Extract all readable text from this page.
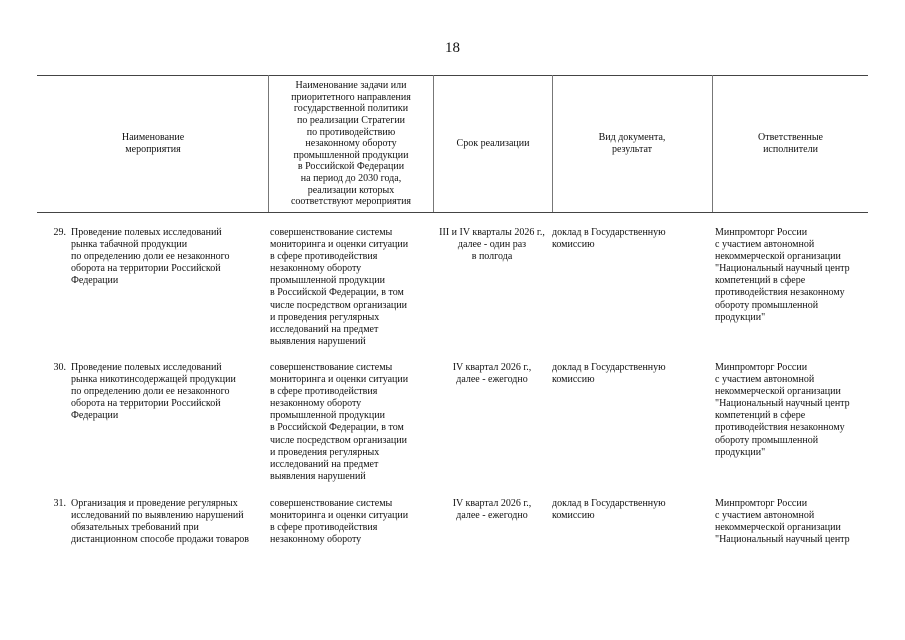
18
Наименование
мероприятия
Наименование задачи или
приоритетного направления
государственной политики
по реализации Стратегии
по противодействию
незаконному обороту
промышленной продукции
в Российской Федерации
на период до 2030 года,
реализации которых
соответствуют мероприятия
Срок реализации
Вид документа,
результат
Ответственные
исполнители
29. Проведение полевых исследований
рынка табачной продукции
по определению доли ее незаконного
оборота на территории Российской
Федерации
совершенствование системы
мониторинга и оценки ситуации
в сфере противодействия
незаконному обороту
промышленной продукции
в Российской Федерации, в том
числе посредством организации
и проведения регулярных
исследований на предмет
выявления нарушений
III и IV кварталы 2026 г.,
далее - один раз
в полгода
доклад в Государственную
комиссию
Минпромторг России
с участием автономной
некоммерческой организации
"Национальный научный центр
компетенций в сфере
противодействия незаконному
обороту промышленной
продукции"
30. Проведение полевых исследований
рынка никотинсодержащей продукции
по определению доли ее незаконного
оборота на территории Российской
Федерации
совершенствование системы
мониторинга и оценки ситуации
в сфере противодействия
незаконному обороту
промышленной продукции
в Российской Федерации, в том
числе посредством организации
и проведения регулярных
исследований на предмет
выявления нарушений
IV квартал 2026 г.,
далее - ежегодно
доклад в Государственную
комиссию
Минпромторг России
с участием автономной
некоммерческой организации
"Национальный научный центр
компетенций в сфере
противодействия незаконному
обороту промышленной
продукции"
31. Организация и проведение регулярных
исследований по выявлению нарушений
обязательных требований при
дистанционном способе продажи товаров
совершенствование системы
мониторинга и оценки ситуации
в сфере противодействия
незаконному обороту
IV квартал 2026 г.,
далее - ежегодно
доклад в Государственную
комиссию
Минпромторг России
с участием автономной
некоммерческой организации
"Национальный научный центр
